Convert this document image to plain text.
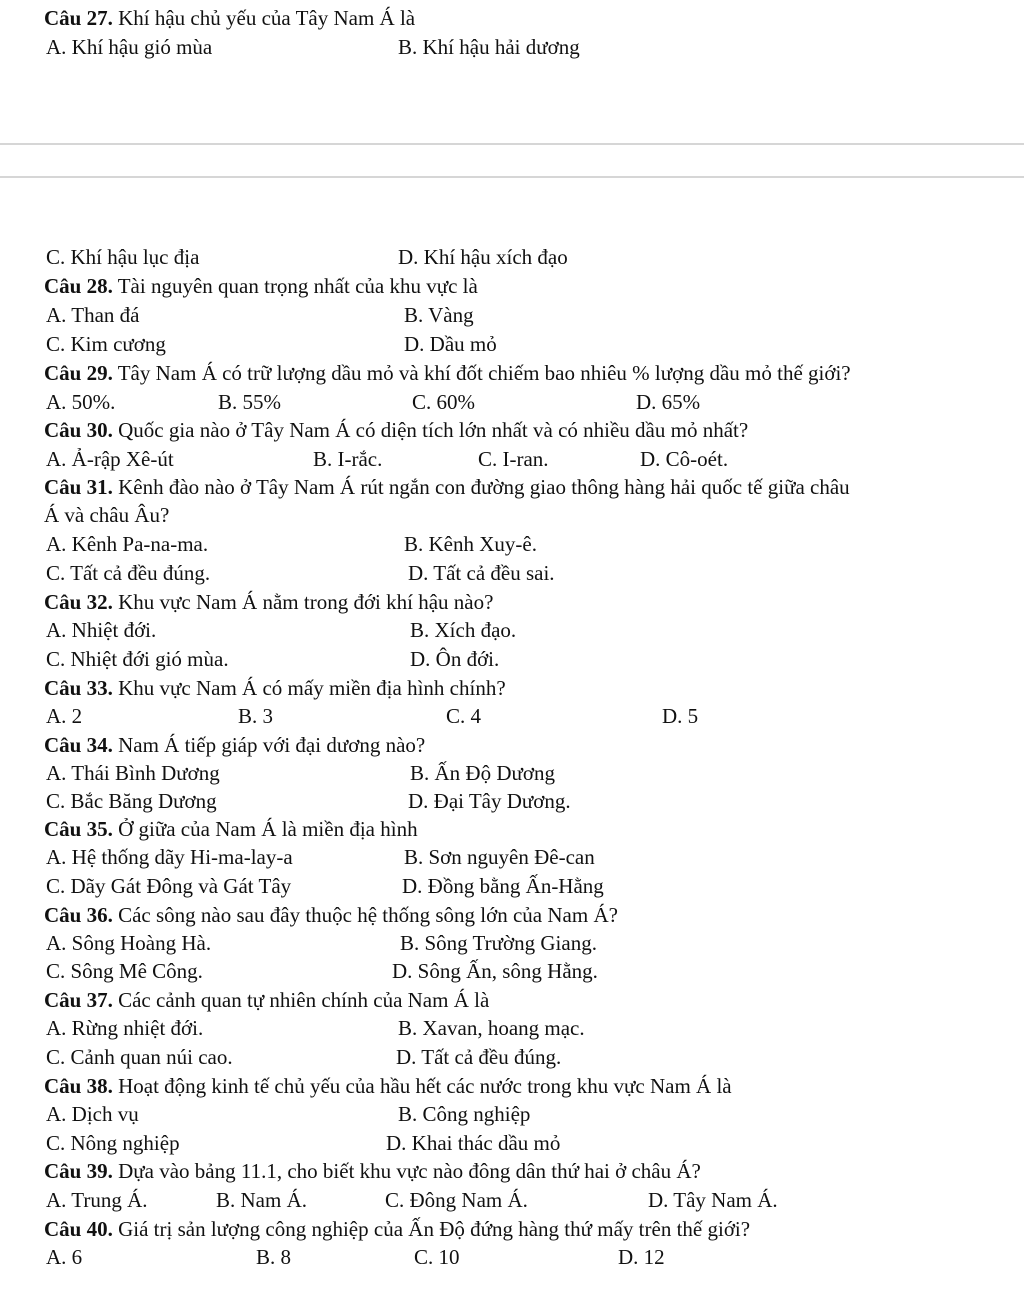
Câu 27. Khí hậu chủ yếu của Tây Nam Á là
A. Khí hậu gió mùa	B. Khí hậu hải dương
C. Khí hậu lục địa	D. Khí hậu xích đạo
Câu 28. Tài nguyên quan trọng nhất của khu vực là
A. Than đá	B. Vàng
C. Kim cương	D. Dầu mỏ
Câu 29. Tây Nam Á có trữ lượng dầu mỏ và khí đốt chiếm bao nhiêu % lượng dầu mỏ thế giới?
A. 50%.	B. 55%	C. 60%	D. 65%
Câu 30. Quốc gia nào ở Tây Nam Á có diện tích lớn nhất và có nhiều dầu mỏ nhất?
A. Ả-rập Xê-út	B. I-rắc.	C. I-ran.	D. Cô-oét.
Câu 31. Kênh đào nào ở Tây Nam Á rút ngắn con đường giao thông hàng hải quốc tế giữa châu
Á và châu Âu?
A. Kênh Pa-na-ma.	B. Kênh Xuy-ê.
C. Tất cả đều đúng.	D. Tất cả đều sai.
Câu 32. Khu vực Nam Á nằm trong đới khí hậu nào?
A. Nhiệt đới.	B. Xích đạo.
C. Nhiệt đới gió mùa.	D. Ôn đới.
Câu 33. Khu vực Nam Á có mấy miền địa hình chính?
A. 2	B. 3	C. 4	D. 5
Câu 34. Nam Á tiếp giáp với đại dương nào?
A. Thái Bình Dương	B. Ấn Độ Dương
C. Bắc Băng Dương	D. Đại Tây Dương.
Câu 35. Ở giữa của Nam Á là miền địa hình
A. Hệ thống dãy Hi-ma-lay-a	B. Sơn nguyên Đê-can
C. Dãy Gát Đông và Gát Tây	D. Đồng bằng Ấn-Hằng
Câu 36. Các sông nào sau đây thuộc hệ thống sông lớn của Nam Á?
A. Sông Hoàng Hà.	B. Sông Trường Giang.
C. Sông Mê Công.	D. Sông Ấn, sông Hằng.
Câu 37. Các cảnh quan tự nhiên chính của Nam Á là
A. Rừng nhiệt đới.	B. Xavan, hoang mạc.
C. Cảnh quan núi cao.	D. Tất cả đều đúng.
Câu 38. Hoạt động kinh tế chủ yếu của hầu hết các nước trong khu vực Nam Á là
A. Dịch vụ	B. Công nghiệp
C. Nông nghiệp	D. Khai thác dầu mỏ
Câu 39. Dựa vào bảng 11.1, cho biết khu vực nào đông dân thứ hai ở châu Á?
A. Trung Á.	B. Nam Á.	C. Đông Nam Á.	D. Tây Nam Á.
Câu 40. Giá trị sản lượng công nghiệp của Ấn Độ đứng hàng thứ mấy trên thế giới?
A. 6	B. 8	C. 10	D. 12
